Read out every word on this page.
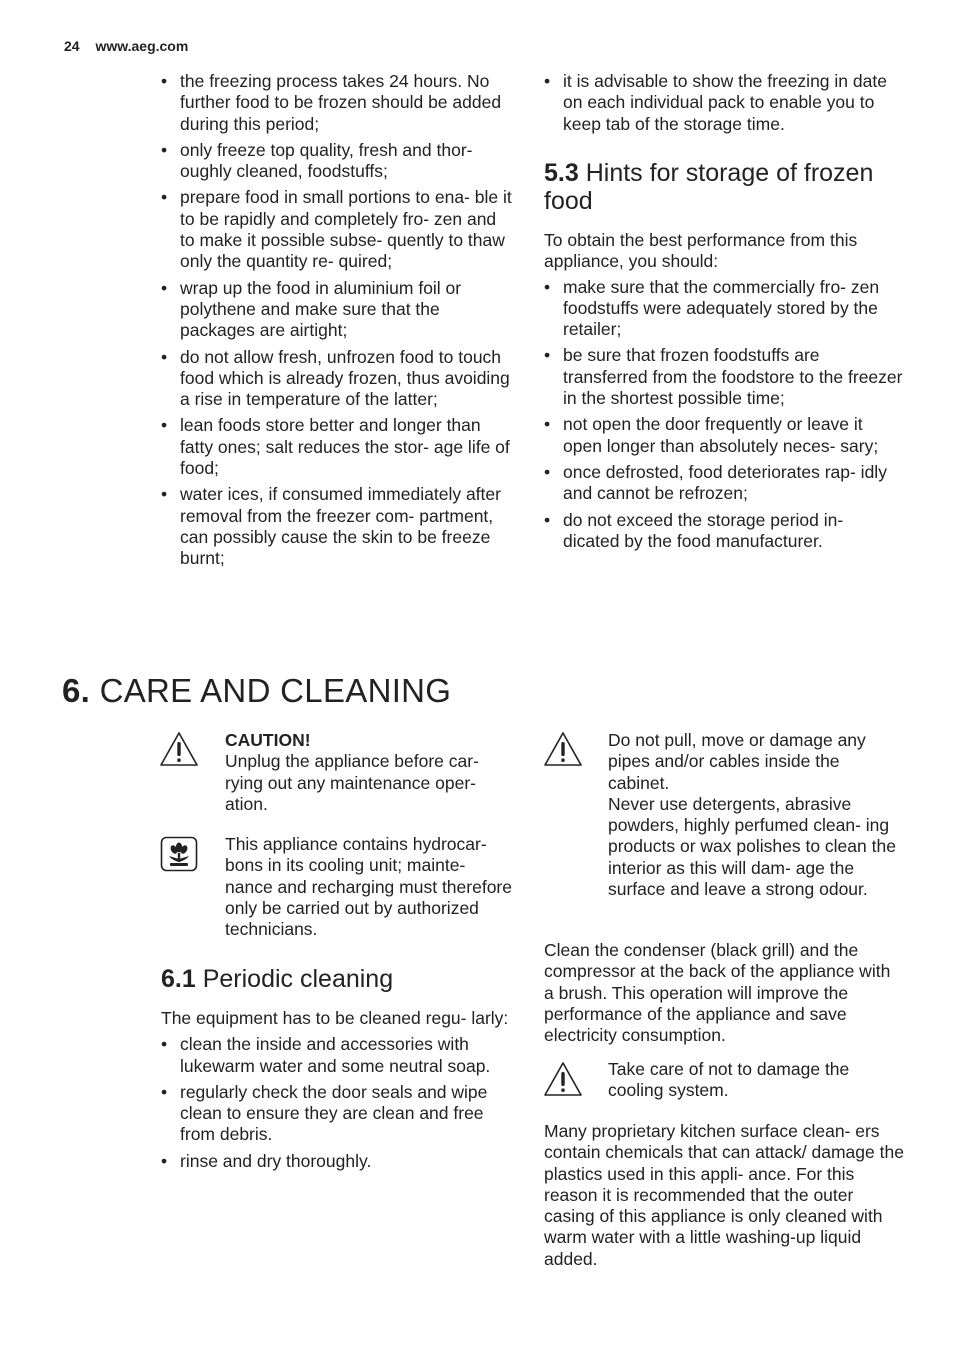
24 www.aeg.com
• the freezing process takes 24 hours. No further food to be frozen should be added during this period;
• only freeze top quality, fresh and thor- oughly cleaned, foodstuffs;
• prepare food in small portions to ena- ble it to be rapidly and completely fro- zen and to make it possible subse- quently to thaw only the quantity re- quired;
• wrap up the food in aluminium foil or polythene and make sure that the packages are airtight;
• do not allow fresh, unfrozen food to touch food which is already frozen, thus avoiding a rise in temperature of the latter;
• lean foods store better and longer than fatty ones; salt reduces the stor- age life of food;
• water ices, if consumed immediately after removal from the freezer com- partment, can possibly cause the skin to be freeze burnt;
• it is advisable to show the freezing in date on each individual pack to enable you to keep tab of the storage time.
5.3 Hints for storage of frozen food

To obtain the best performance from this appliance, you should:

• make sure that the commercially fro- zen foodstuffs were adequately stored by the retailer;
• be sure that frozen foodstuffs are transferred from the foodstore to the freezer in the shortest possible time;
• not open the door frequently or leave it open longer than absolutely neces- sary;
• once defrosted, food deteriorates rap- idly and cannot be refrozen;
• do not exceed the storage period in- dicated by the food manufacturer.
6. CARE AND CLEANING
CAUTION!
Unplug the appliance before car- rying out any maintenance oper- ation.
This appliance contains hydrocar- bons in its cooling unit; mainte- nance and recharging must therefore only be carried out by authorized technicians.
6.1 Periodic cleaning

The equipment has to be cleaned regu- larly:

• clean the inside and accessories with lukewarm water and some neutral soap.
• regularly check the door seals and wipe clean to ensure they are clean and free from debris.
• rinse and dry thoroughly.
Do not pull, move or damage any pipes and/or cables inside the cabinet.
Never use detergents, abrasive powders, highly perfumed clean- ing products or wax polishes to clean the interior as this will dam- age the surface and leave a strong odour.
Clean the condenser (black grill) and the compressor at the back of the appliance with a brush. This operation will improve the performance of the appliance and save electricity consumption.
Take care of not to damage the cooling system.
Many proprietary kitchen surface clean- ers contain chemicals that can attack/ damage the plastics used in this appli- ance. For this reason it is recommended that the outer casing of this appliance is only cleaned with warm water with a little washing-up liquid added.
